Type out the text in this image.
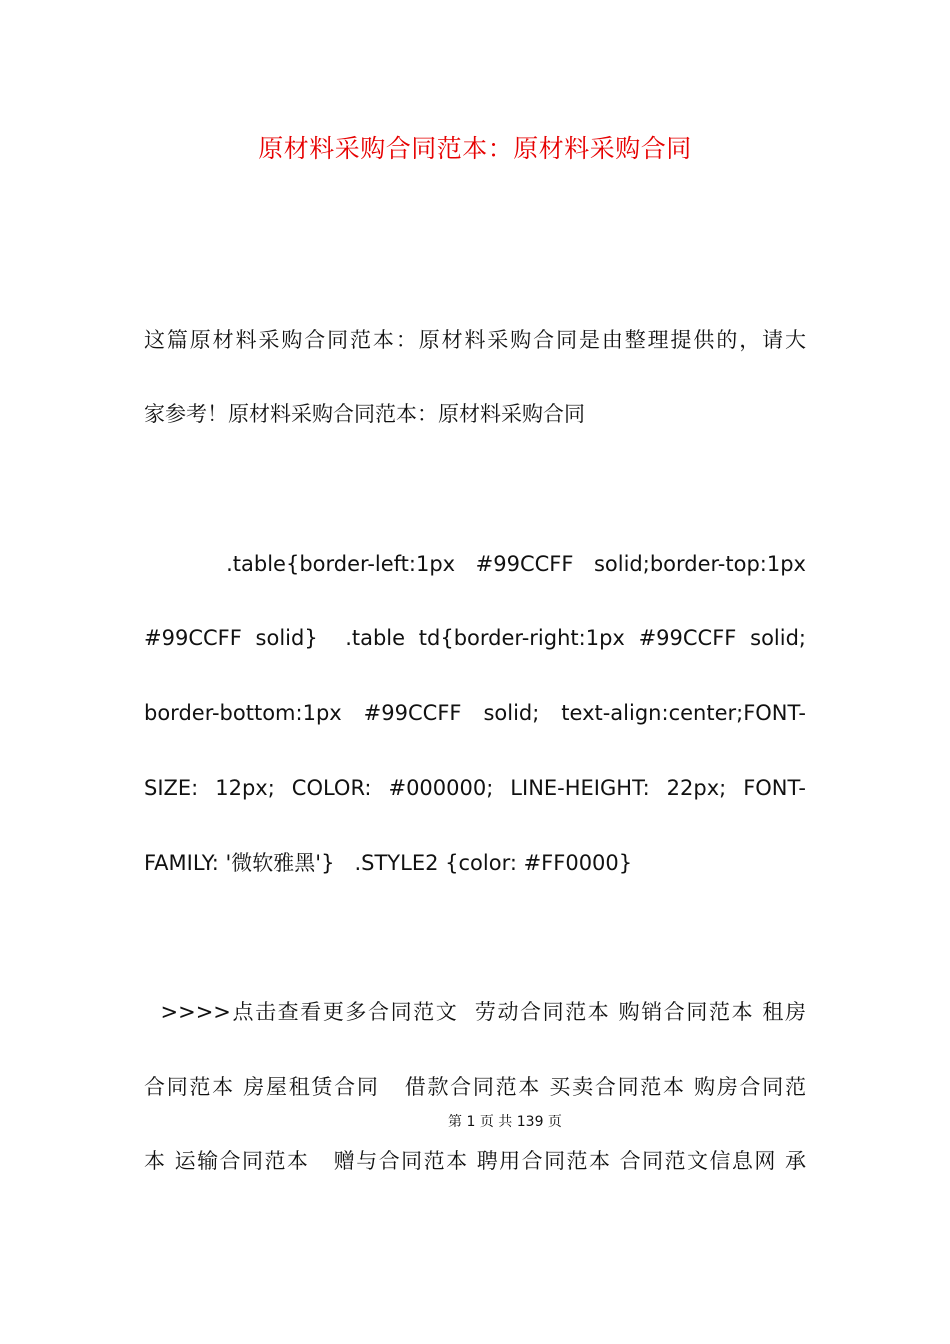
原材料采购合同范本：原材料采购合同
这篇原材料采购合同范本：原材料采购合同是由整理提供的，请大
家参考！原材料采购合同范本：原材料采购合同
.table{border-left:1px  #99CCFF  solid;border-top:1px
#99CCFF solid}  .table td{border-right:1px #99CCFF solid;
border-bottom:1px #99CCFF solid; text-align:center;FONT-
SIZE: 12px; COLOR: #000000; LINE-HEIGHT: 22px; FONT-
FAMILY: '微软雅黑'}   .STYLE2 {color: #FF0000}
>>>>点击查看更多合同范文  劳动合同范本 购销合同范本 租房
合同范本 房屋租赁合同   借款合同范本 买卖合同范本 购房合同范
第 1 页 共 139 页
本 运输合同范本   赠与合同范本 聘用合同范本 合同范文信息网 承
